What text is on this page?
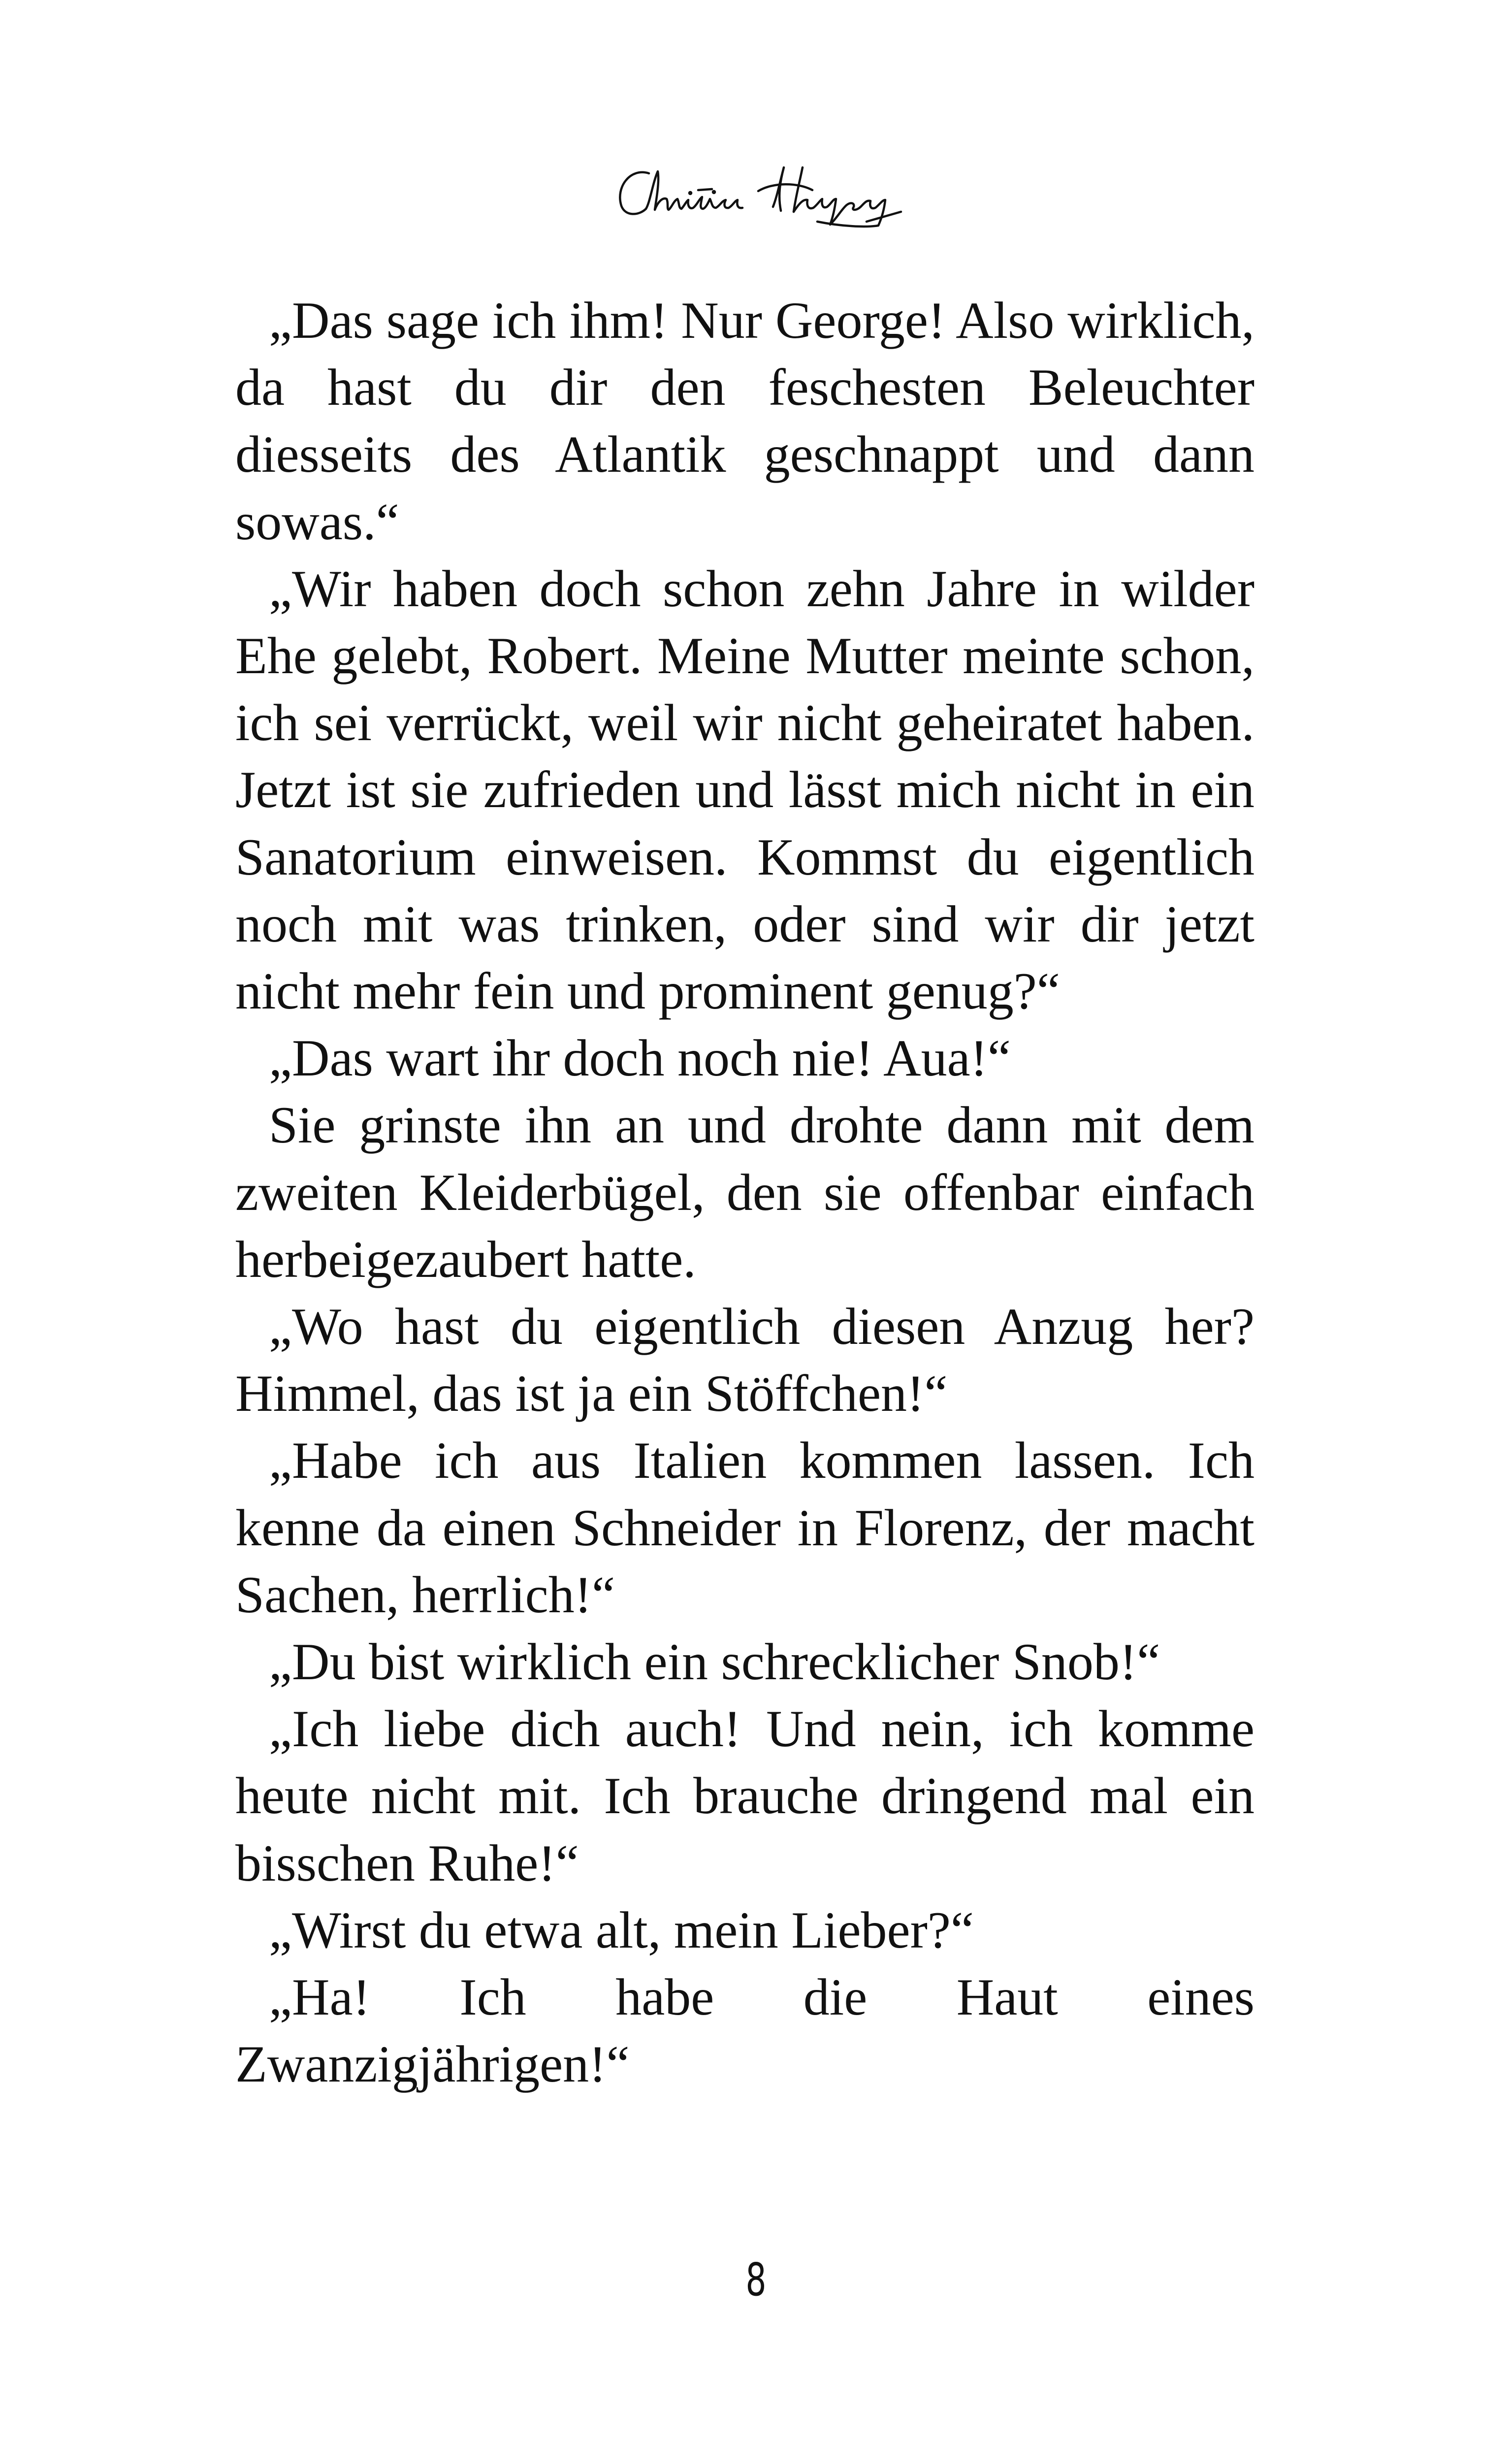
„Das sage ich ihm! Nur George! Also wirklich, da hast du dir den feschesten Beleuchter diesseits des Atlantik geschnappt und dann sowas.“

„Wir haben doch schon zehn Jahre in wilder Ehe gelebt, Robert. Meine Mutter meinte schon, ich sei verrückt, weil wir nicht geheiratet haben. Jetzt ist sie zufrieden und lässt mich nicht in ein Sanatorium einweisen. Kommst du eigentlich noch mit was trinken, oder sind wir dir jetzt nicht mehr fein und prominent genug?“

„Das wart ihr doch noch nie! Aua!“

Sie grinste ihn an und drohte dann mit dem zweiten Kleiderbügel, den sie offenbar einfach herbeigezaubert hatte.

„Wo hast du eigentlich diesen Anzug her? Himmel, das ist ja ein Stöffchen!“

„Habe ich aus Italien kommen lassen. Ich kenne da einen Schneider in Florenz, der macht Sachen, herrlich!“

„Du bist wirklich ein schrecklicher Snob!“

„Ich liebe dich auch! Und nein, ich komme heute nicht mit. Ich brauche dringend mal ein bisschen Ruhe!“

„Wirst du etwa alt, mein Lieber?“

„Ha! Ich habe die Haut eines Zwanzigjährigen!“

8
